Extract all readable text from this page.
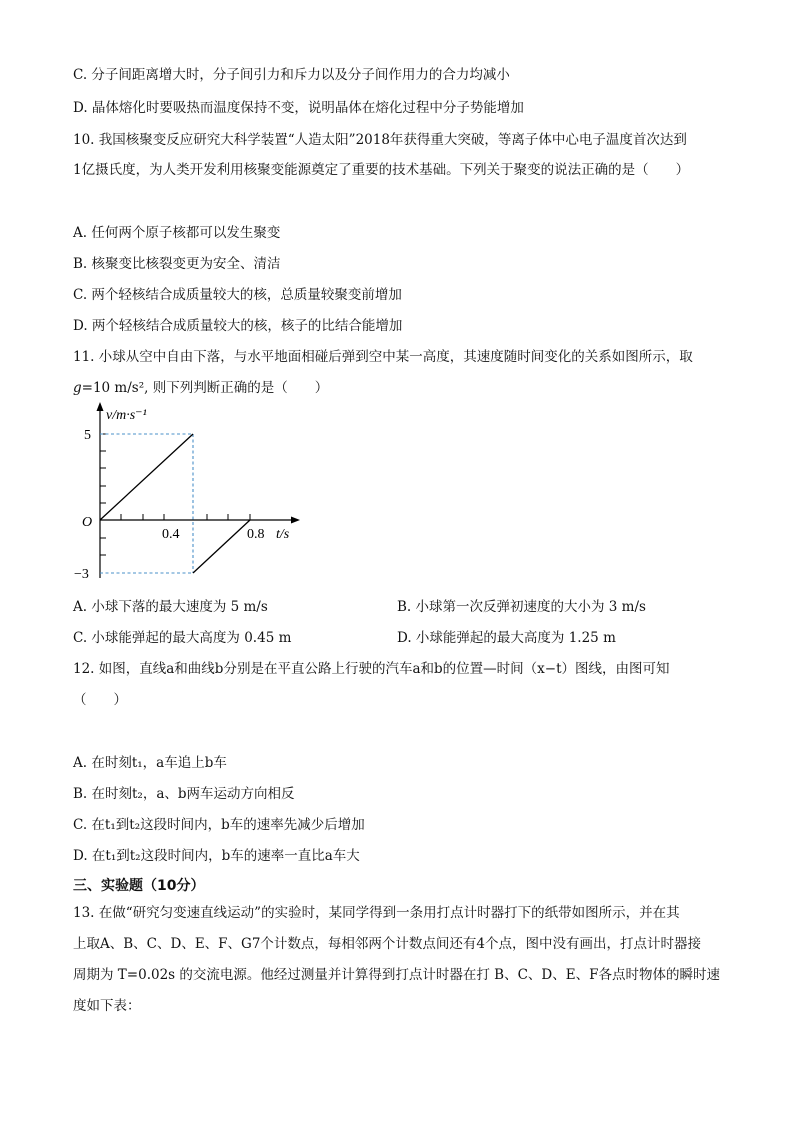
C. 分子间距离增大时，分子间引力和斥力以及分子间作用力的合力均减小
D. 晶体熔化时要吸热而温度保持不变，说明晶体在熔化过程中分子势能增加
10. 我国核聚变反应研究大科学装置“人造太阳”2018年获得重大突破，等离子体中心电子温度首次达到
1亿摄氏度，为人类开发利用核聚变能源奠定了重要的技术基础。下列关于聚变的说法正确的是（　　）
A. 任何两个原子核都可以发生聚变
B. 核聚变比核裂变更为安全、清洁
C. 两个轻核结合成质量较大的核，总质量较聚变前增加
D. 两个轻核结合成质量较大的核，核子的比结合能增加
11. 小球从空中自由下落，与水平地面相碰后弹到空中某一高度，其速度随时间变化的关系如图所示，取
g=10 m/s², 则下列判断正确的是（　　）
v/m·s⁻¹
5
O
0.4	0.8 t/s
−3
A. 小球下落的最大速度为 5 m/s	B. 小球第一次反弹初速度的大小为 3 m/s
C. 小球能弹起的最大高度为 0.45 m	D. 小球能弹起的最大高度为 1.25 m
12. 如图，直线a和曲线b分别是在平直公路上行驶的汽车a和b的位置—时间（x−t）图线，由图可知
（　　）
A. 在时刻t₁，a车追上b车
B. 在时刻t₂，a、b两车运动方向相反
C. 在t₁到t₂这段时间内，b车的速率先减少后增加
D. 在t₁到t₂这段时间内，b车的速率一直比a车大
三、实验题（10分）
13. 在做“研究匀变速直线运动”的实验时，某同学得到一条用打点计时器打下的纸带如图所示，并在其
上取A、B、C、D、E、F、G7个计数点，每相邻两个计数点间还有4个点，图中没有画出，打点计时器接
周期为 T=0.02s 的交流电源。他经过测量并计算得到打点计时器在打 B、C、D、E、F各点时物体的瞬时速
度如下表：
